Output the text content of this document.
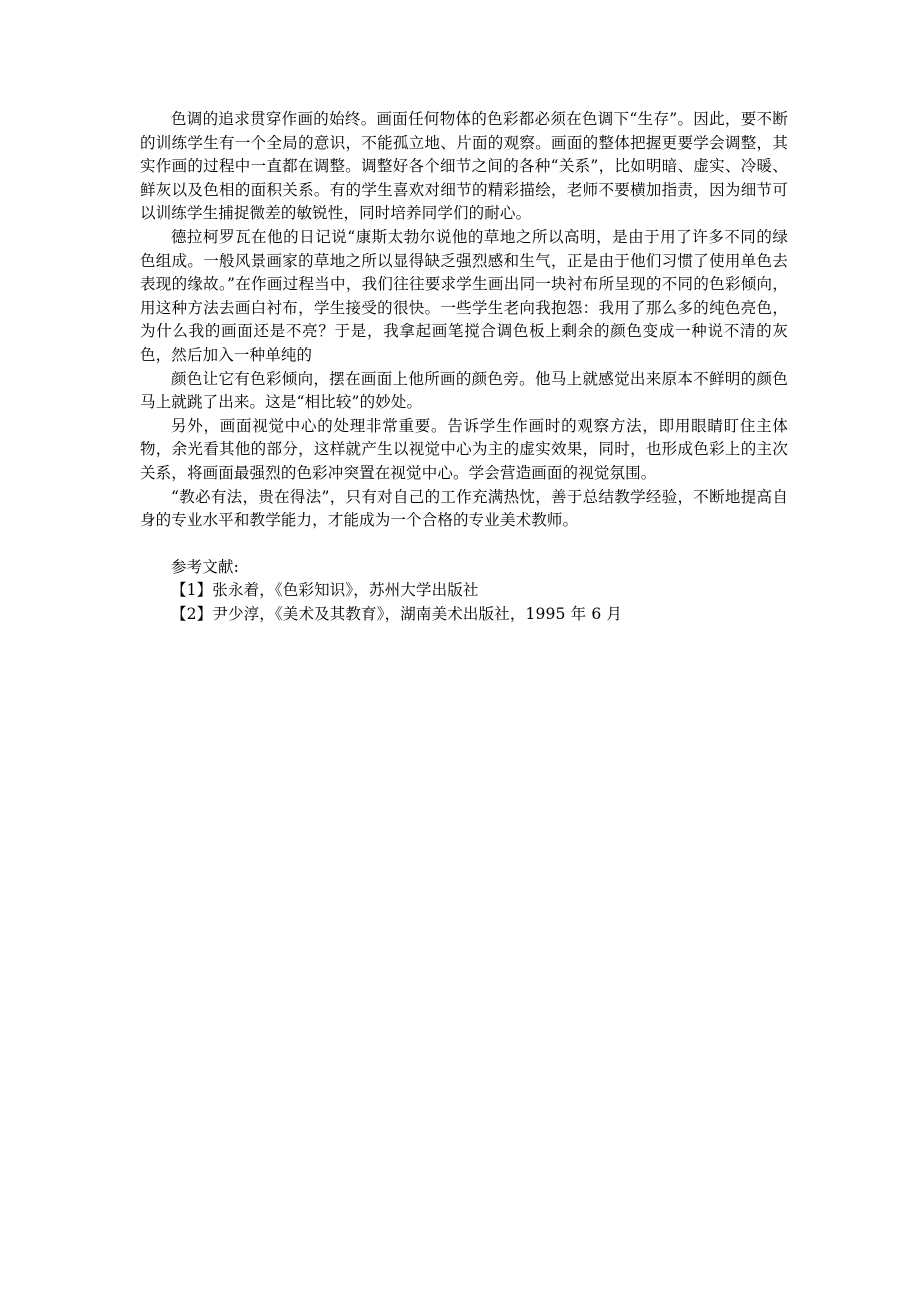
色调的追求贯穿作画的始终。画面任何物体的色彩都必须在色调下“生存”。因此，要不断的训练学生有一个全局的意识，不能孤立地、片面的观察。画面的整体把握更要学会调整，其实作画的过程中一直都在调整。调整好各个细节之间的各种“关系”，比如明暗、虚实、冷暖、鲜灰以及色相的面积关系。有的学生喜欢对细节的精彩描绘，老师不要横加指责，因为细节可以训练学生捕捉微差的敏锐性，同时培养同学们的耐心。

德拉柯罗瓦在他的日记说“康斯太勃尔说他的草地之所以高明，是由于用了许多不同的绿色组成。一般风景画家的草地之所以显得缺乏强烈感和生气，正是由于他们习惯了使用单色去表现的缘故。”在作画过程当中，我们往往要求学生画出同一块衬布所呈现的不同的色彩倾向，用这种方法去画白衬布，学生接受的很快。一些学生老向我抱怨：我用了那么多的纯色亮色，为什么我的画面还是不亮？于是，我拿起画笔搅合调色板上剩余的颜色变成一种说不清的灰色，然后加入一种单纯的

颜色让它有色彩倾向，摆在画面上他所画的颜色旁。他马上就感觉出来原本不鲜明的颜色马上就跳了出来。这是“相比较”的妙处。

另外，画面视觉中心的处理非常重要。告诉学生作画时的观察方法，即用眼睛盯住主体物，余光看其他的部分，这样就产生以视觉中心为主的虚实效果，同时，也形成色彩上的主次关系，将画面最强烈的色彩冲突置在视觉中心。学会营造画面的视觉氛围。

“教必有法，贵在得法”，只有对自己的工作充满热忱，善于总结教学经验，不断地提高自身的专业水平和教学能力，才能成为一个合格的专业美术教师。

参考文献:

【1】张永着，《色彩知识》，苏州大学出版社

【2】尹少淳，《美术及其教育》，湖南美术出版社，1995 年 6 月
